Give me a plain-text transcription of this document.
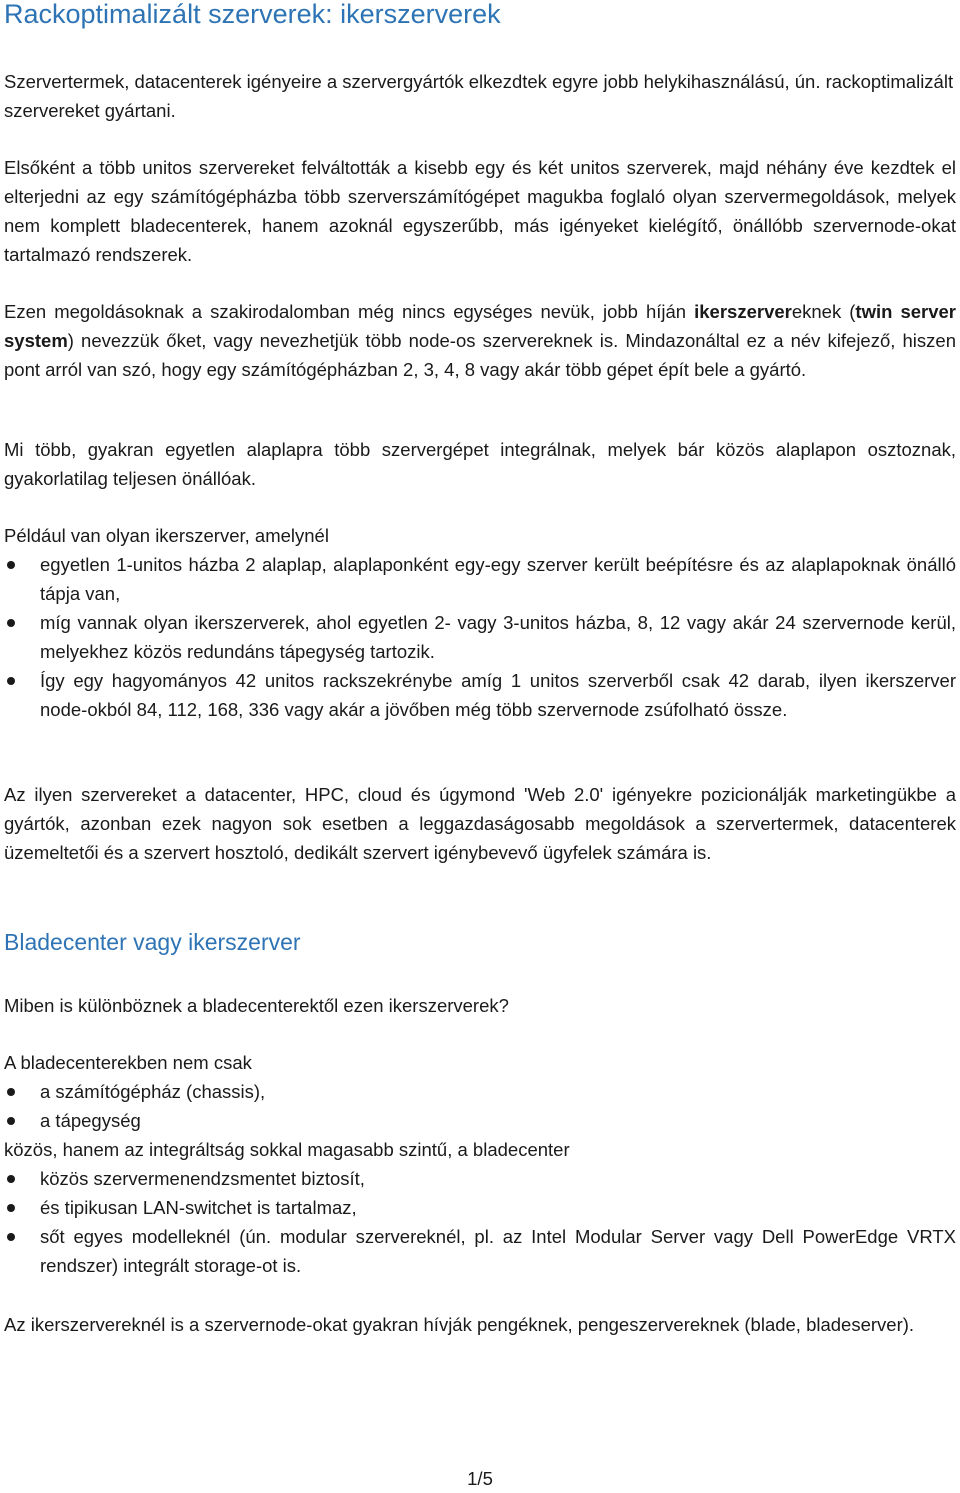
Rackoptimalizált szerverek: ikerszerverek

Szervertermek, datacenterek igényeire a szervergyártók elkezdtek egyre jobb helykihasználású, ún. rackoptimalizált szervereket gyártani.

Elsőként a több unitos szervereket felváltották a kisebb egy és két unitos szerverek, majd néhány éve kezdtek el elterjedni az egy számítógépházba több szerverszámítógépet magukba foglaló olyan szervermegoldások, melyek nem komplett bladecenterek, hanem azoknál egyszerűbb, más igényeket kielégítő, önállóbb szervernode-okat tartalmazó rendszerek.

Ezen megoldásoknak a szakirodalomban még nincs egységes nevük, jobb híján ikerszervereknek (twin server system) nevezzük őket, vagy nevezhetjük több node-os szervereknek is. Mindazonáltal ez a név kifejező, hiszen pont arról van szó, hogy egy számítógépházban 2, 3, 4, 8 vagy akár több gépet épít bele a gyártó.

Mi több, gyakran egyetlen alaplapra több szervergépet integrálnak, melyek bár közös alaplapon osztoznak, gyakorlatilag teljesen önállóak.

Például van olyan ikerszerver, amelynél

egyetlen 1-unitos házba 2 alaplap, alaplaponként egy-egy szerver került beépítésre és az alaplapoknak önálló tápja van,
míg vannak olyan ikerszerverek, ahol egyetlen 2- vagy 3-unitos házba, 8, 12 vagy akár 24 szervernode kerül, melyekhez közös redundáns tápegység tartozik.
Így egy hagyományos 42 unitos rackszekrénybe amíg 1 unitos szerverből csak 42 darab, ilyen ikerszerver node-okból 84, 112, 168, 336 vagy akár a jövőben még több szervernode zsúfolható össze.

Az ilyen szervereket a datacenter, HPC, cloud és úgymond 'Web 2.0' igényekre pozicionálják marketingükbe a gyártók, azonban ezek nagyon sok esetben a leggazdaságosabb megoldások a szervertermek, datacenterek üzemeltetői és a szervert hosztoló, dedikált szervert igénybevevő ügyfelek számára is.

Bladecenter vagy ikerszerver

Miben is különböznek a bladecenterektől ezen ikerszerverek?

A bladecenterekben nem csak

a számítógépház (chassis),
a tápegység

közös, hanem az integráltság sokkal magasabb szintű, a bladecenter

közös szervermenendzsmentet biztosít,
és tipikusan LAN-switchet is tartalmaz,
sőt egyes modelleknél (ún. modular szervereknél, pl. az Intel Modular Server vagy Dell PowerEdge VRTX rendszer) integrált storage-ot is.

Az ikerszervereknél is a szervernode-okat gyakran hívják pengéknek, pengeszervereknek (blade, bladeserver).

1/5
